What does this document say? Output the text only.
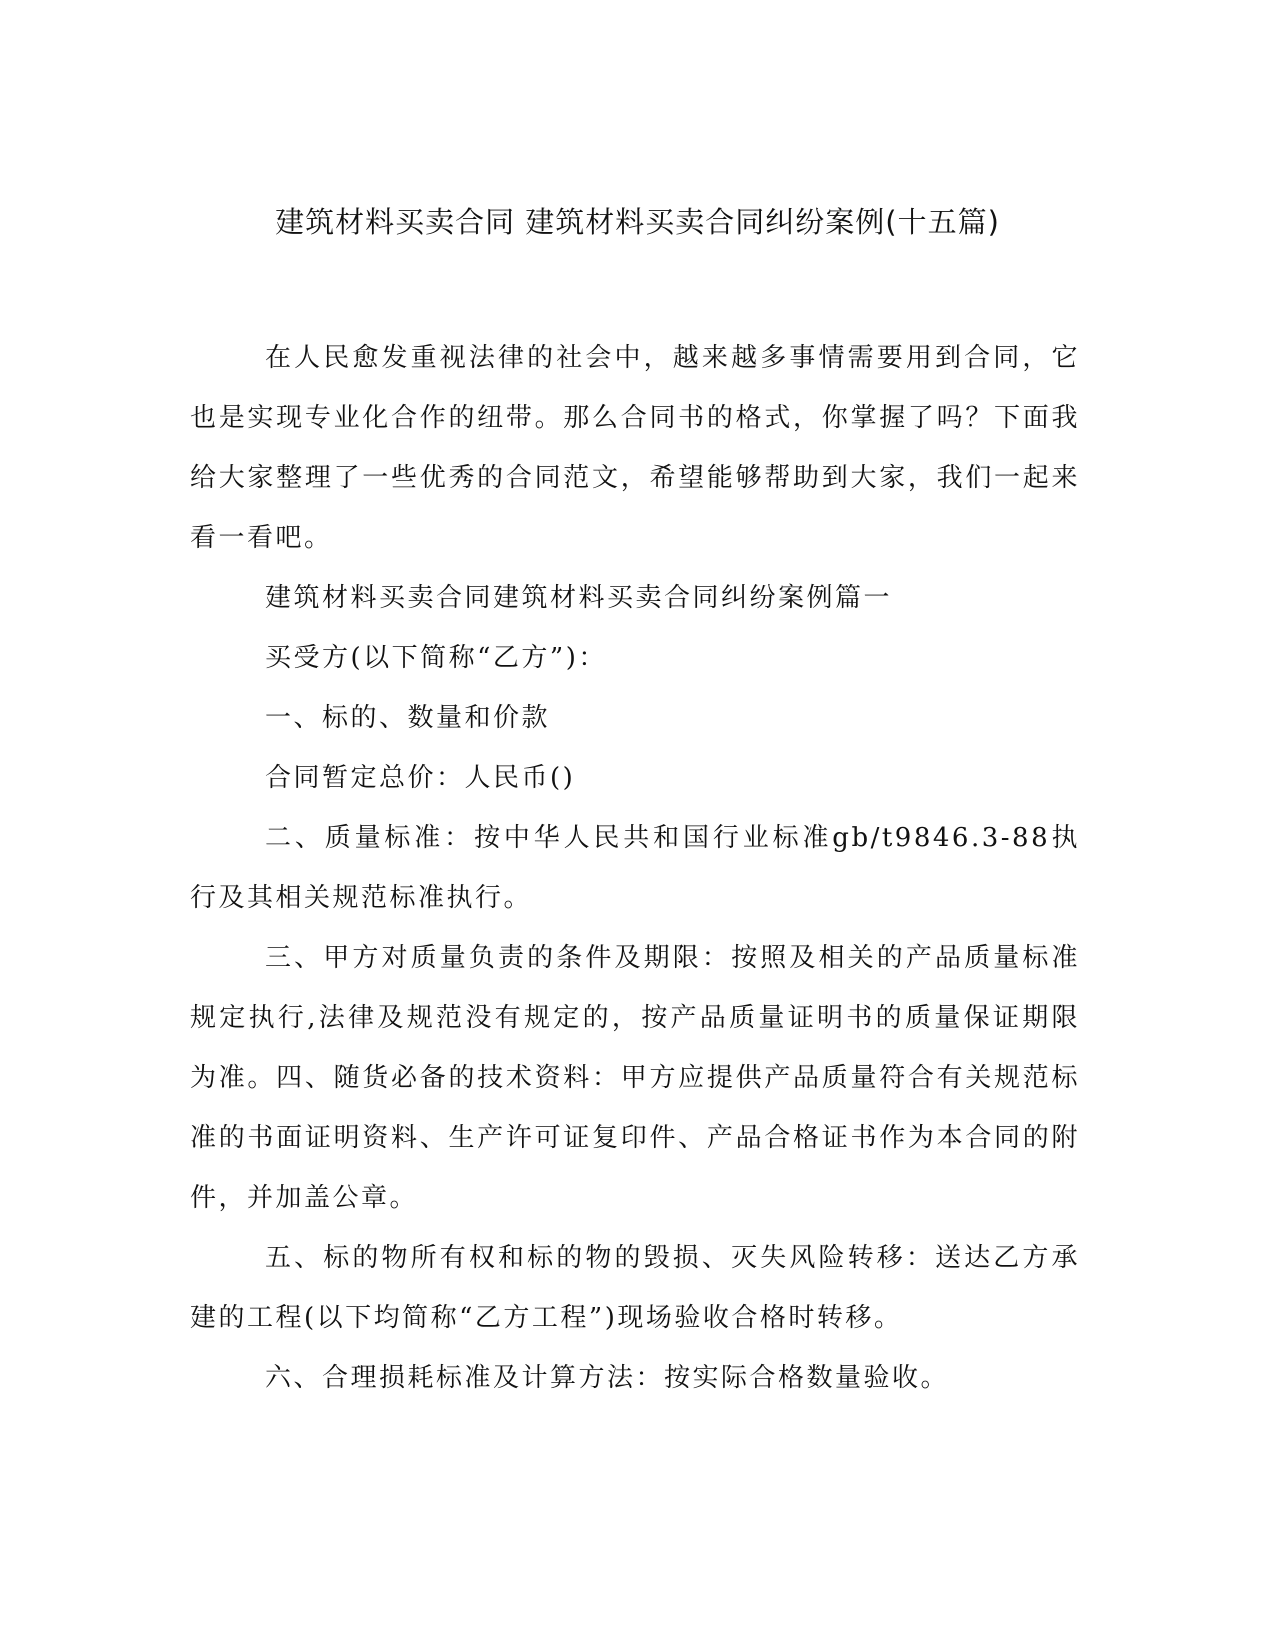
建筑材料买卖合同 建筑材料买卖合同纠纷案例(十五篇)

在人民愈发重视法律的社会中，越来越多事情需要用到合同，它也是实现专业化合作的纽带。那么合同书的格式，你掌握了吗？下面我给大家整理了一些优秀的合同范文，希望能够帮助到大家，我们一起来看一看吧。

建筑材料买卖合同建筑材料买卖合同纠纷案例篇一

买受方(以下简称“乙方”)：

一、标的、数量和价款

合同暂定总价：人民币()

二、质量标准：按中华人民共和国行业标准gb/t9846.3-88执行及其相关规范标准执行。

三、甲方对质量负责的条件及期限：按照及相关的产品质量标准规定执行,法律及规范没有规定的，按产品质量证明书的质量保证期限为准。四、随货必备的技术资料：甲方应提供产品质量符合有关规范标准的书面证明资料、生产许可证复印件、产品合格证书作为本合同的附件，并加盖公章。

五、标的物所有权和标的物的毁损、灭失风险转移：送达乙方承建的工程(以下均简称“乙方工程”)现场验收合格时转移。

六、合理损耗标准及计算方法：按实际合格数量验收。
